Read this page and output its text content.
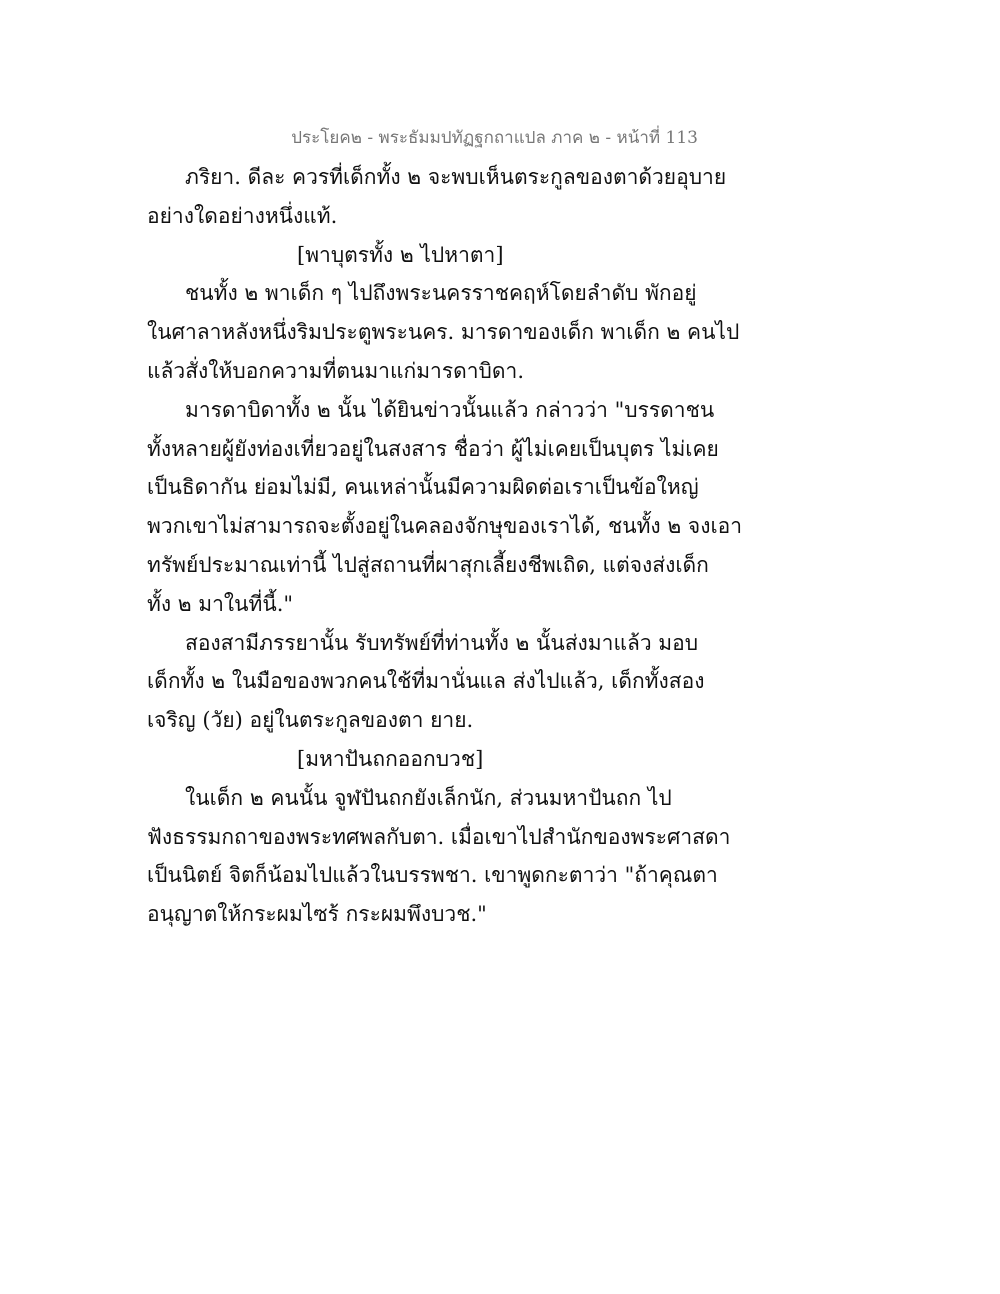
ประโยค๒ - พระธัมมปทัฏฐกถาแปล ภาค ๒ - หน้าที่ 113
ภริยา. ดีละ ควรที่เด็กทั้ง ๒ จะพบเห็นตระกูลของตาด้วยอุบาย
อย่างใดอย่างหนึ่งแท้.
[พาบุตรทั้ง ๒ ไปหาตา]
ชนทั้ง ๒ พาเด็ก ๆ ไปถึงพระนครราชคฤห์โดยลำดับ พักอยู่
ในศาลาหลังหนึ่งริมประตูพระนคร. มารดาของเด็ก พาเด็ก ๒ คนไป
แล้วสั่งให้บอกความที่ตนมาแก่มารดาบิดา.
มารดาบิดาทั้ง ๒ นั้น ได้ยินข่าวนั้นแล้ว กล่าวว่า "บรรดาชน
ทั้งหลายผู้ยังท่องเที่ยวอยู่ในสงสาร ชื่อว่า ผู้ไม่เคยเป็นบุตร ไม่เคย
เป็นธิดากัน ย่อมไม่มี, คนเหล่านั้นมีความผิดต่อเราเป็นข้อใหญ่
พวกเขาไม่สามารถจะตั้งอยู่ในคลองจักษุของเราได้, ชนทั้ง ๒ จงเอา
ทรัพย์ประมาณเท่านี้ ไปสู่สถานที่ผาสุกเลี้ยงชีพเถิด, แต่จงส่งเด็ก
ทั้ง ๒ มาในที่นี้."
สองสามีภรรยานั้น รับทรัพย์ที่ท่านทั้ง ๒ นั้นส่งมาแล้ว มอบ
เด็กทั้ง ๒ ในมือของพวกคนใช้ที่มานั่นแล ส่งไปแล้ว, เด็กทั้งสอง
เจริญ (วัย) อยู่ในตระกูลของตา ยาย.
[มหาปันถกออกบวช]
ในเด็ก ๒ คนนั้น จูฬปันถกยังเล็กนัก, ส่วนมหาปันถก ไป
ฟังธรรมกถาของพระทศพลกับตา. เมื่อเขาไปสำนักของพระศาสดา
เป็นนิตย์ จิตก็น้อมไปแล้วในบรรพชา. เขาพูดกะตาว่า "ถ้าคุณตา
อนุญาตให้กระผมไซร้ กระผมพึงบวช."
